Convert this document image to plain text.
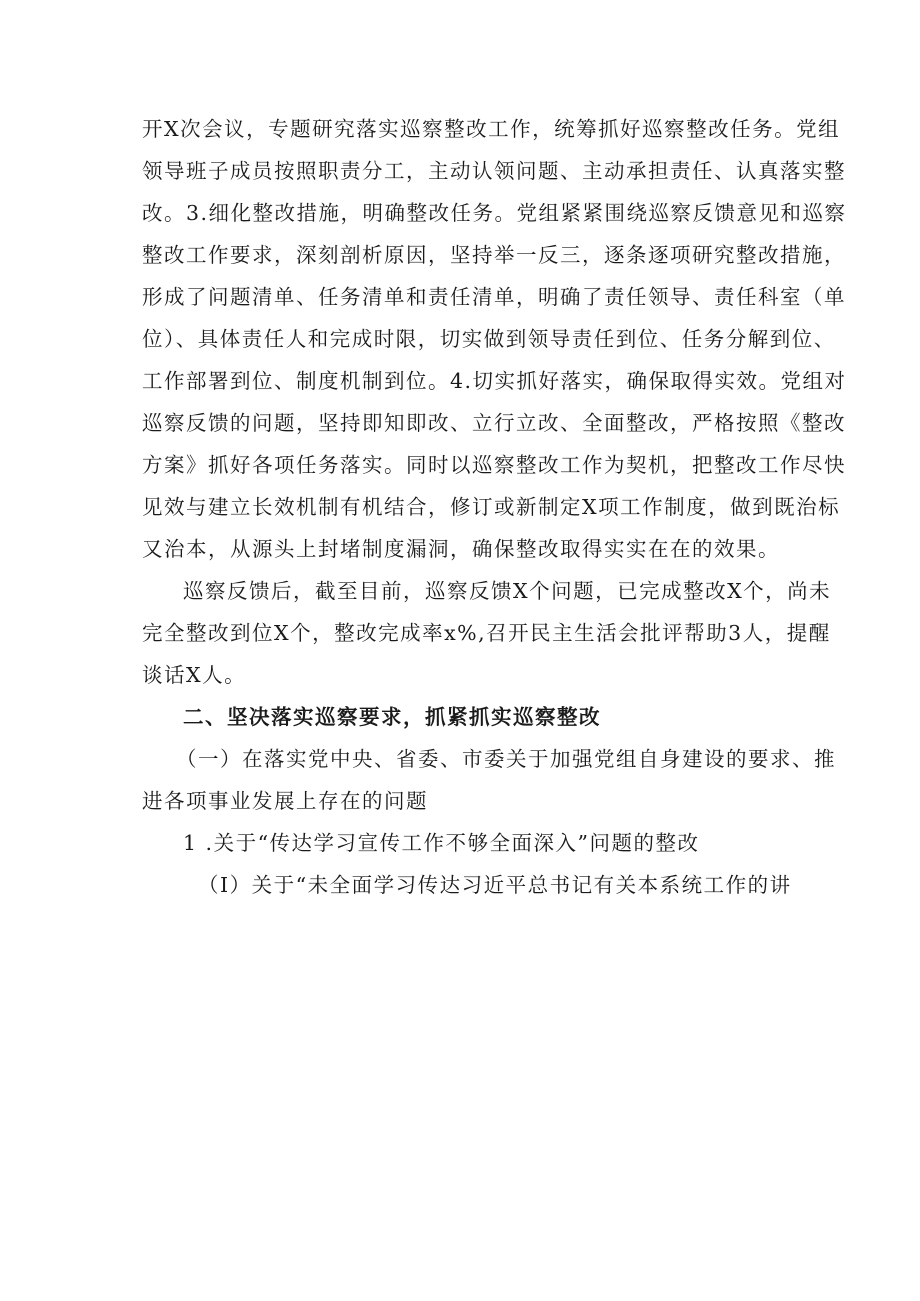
开X次会议，专题研究落实巡察整改工作，统筹抓好巡察整改任务。党组
领导班子成员按照职责分工，主动认领问题、主动承担责任、认真落实整
改。3.细化整改措施，明确整改任务。党组紧紧围绕巡察反馈意见和巡察
整改工作要求，深刻剖析原因，坚持举一反三，逐条逐项研究整改措施，
形成了问题清单、任务清单和责任清单，明确了责任领导、责任科室（单
位）、具体责任人和完成时限，切实做到领导责任到位、任务分解到位、
工作部署到位、制度机制到位。4.切实抓好落实，确保取得实效。党组对
巡察反馈的问题，坚持即知即改、立行立改、全面整改，严格按照《整改
方案》抓好各项任务落实。同时以巡察整改工作为契机，把整改工作尽快
见效与建立长效机制有机结合，修订或新制定X项工作制度，做到既治标
又治本，从源头上封堵制度漏洞，确保整改取得实实在在的效果。
巡察反馈后，截至目前，巡察反馈X个问题，已完成整改X个，尚未
完全整改到位X个，整改完成率x%,召开民主生活会批评帮助3人，提醒
谈话X人。
二、坚决落实巡察要求，抓紧抓实巡察整改
（一）在落实党中央、省委、市委关于加强党组自身建设的要求、推
进各项事业发展上存在的问题
1 .关于“传达学习宣传工作不够全面深入”问题的整改
（I）关于“未全面学习传达习近平总书记有关本系统工作的讲
